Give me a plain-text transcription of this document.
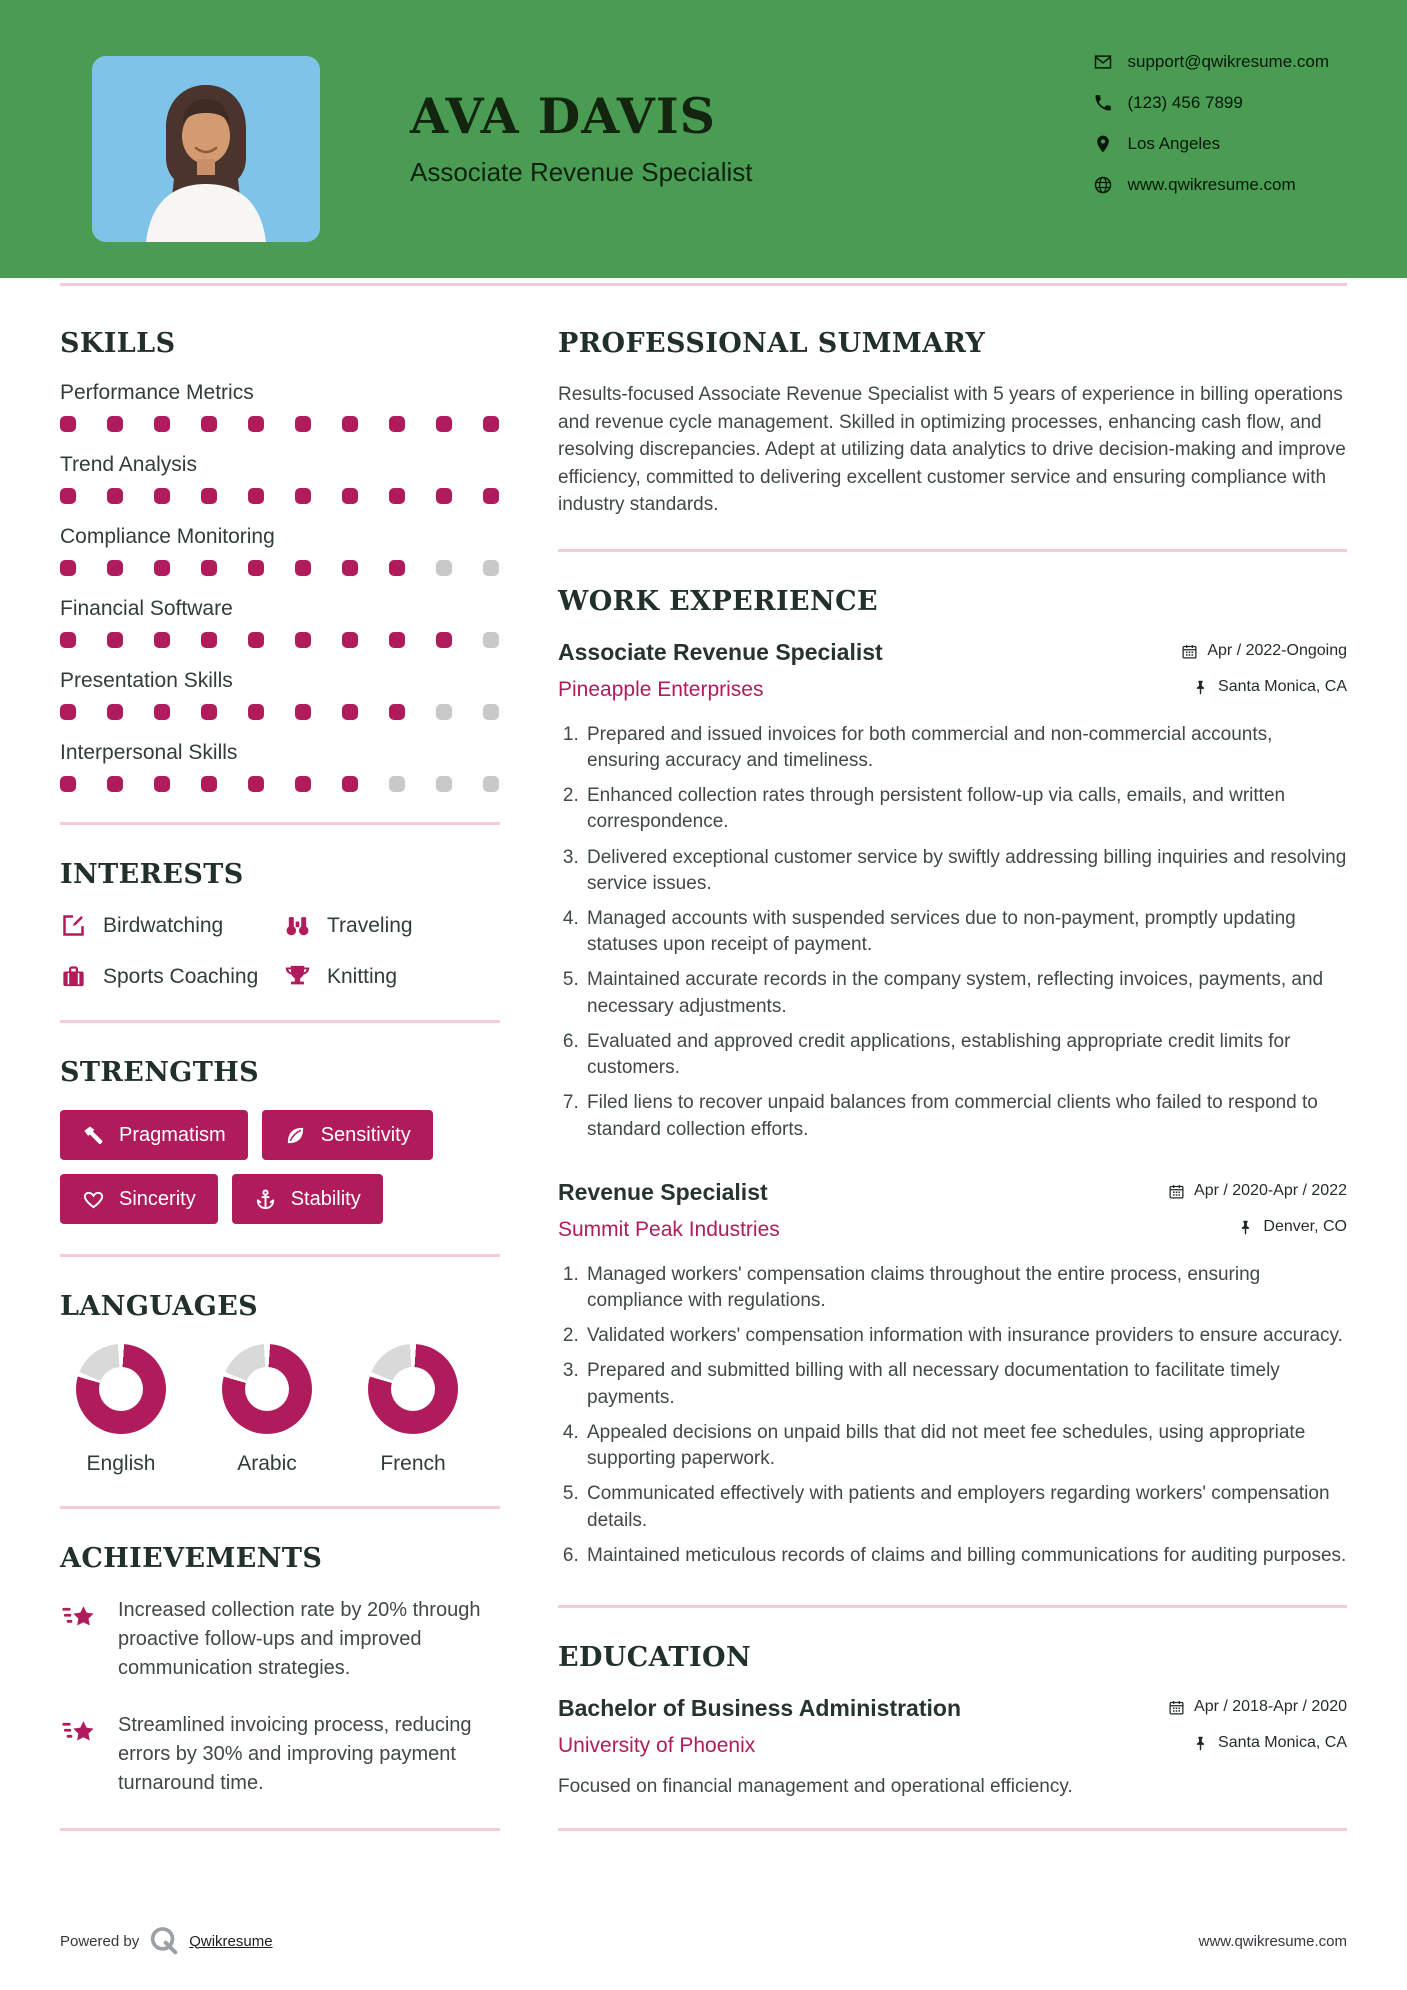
AVA DAVIS
Associate Revenue Specialist
support@qwikresume.com
(123) 456 7899
Los Angeles
www.qwikresume.com
SKILLS
Performance Metrics
Trend Analysis
Compliance Monitoring
Financial Software
Presentation Skills
Interpersonal Skills
INTERESTS
Birdwatching	Traveling
Sports Coaching	Knitting
STRENGTHS
Pragmatism	Sensitivity
Sincerity	Stability
LANGUAGES
English	Arabic	French
ACHIEVEMENTS
Increased collection rate by 20% through proactive follow-ups and improved communication strategies.
Streamlined invoicing process, reducing errors by 30% and improving payment turnaround time.
PROFESSIONAL SUMMARY

Results-focused Associate Revenue Specialist with 5 years of experience in billing operations and revenue cycle management. Skilled in optimizing processes, enhancing cash flow, and resolving discrepancies. Adept at utilizing data analytics to drive decision-making and improve efficiency, committed to delivering excellent customer service and ensuring compliance with industry standards.

WORK EXPERIENCE
Associate Revenue Specialist	Apr / 2022-Ongoing
Pineapple Enterprises	Santa Monica, CA
1. Prepared and issued invoices for both commercial and non-commercial accounts, ensuring accuracy and timeliness.
2. Enhanced collection rates through persistent follow-up via calls, emails, and written correspondence.
3. Delivered exceptional customer service by swiftly addressing billing inquiries and resolving service issues.
4. Managed accounts with suspended services due to non-payment, promptly updating statuses upon receipt of payment.
5. Maintained accurate records in the company system, reflecting invoices, payments, and necessary adjustments.
6. Evaluated and approved credit applications, establishing appropriate credit limits for customers.
7. Filed liens to recover unpaid balances from commercial clients who failed to respond to standard collection efforts.
Revenue Specialist	Apr / 2020-Apr / 2022
Summit Peak Industries	Denver, CO
1. Managed workers' compensation claims throughout the entire process, ensuring compliance with regulations.
2. Validated workers' compensation information with insurance providers to ensure accuracy.
3. Prepared and submitted billing with all necessary documentation to facilitate timely payments.
4. Appealed decisions on unpaid bills that did not meet fee schedules, using appropriate supporting paperwork.
5. Communicated effectively with patients and employers regarding workers' compensation details.
6. Maintained meticulous records of claims and billing communications for auditing purposes.
EDUCATION
Bachelor of Business Administration	Apr / 2018-Apr / 2020
University of Phoenix	Santa Monica, CA
Focused on financial management and operational efficiency.
Powered by	Qwikresume	www.qwikresume.com
